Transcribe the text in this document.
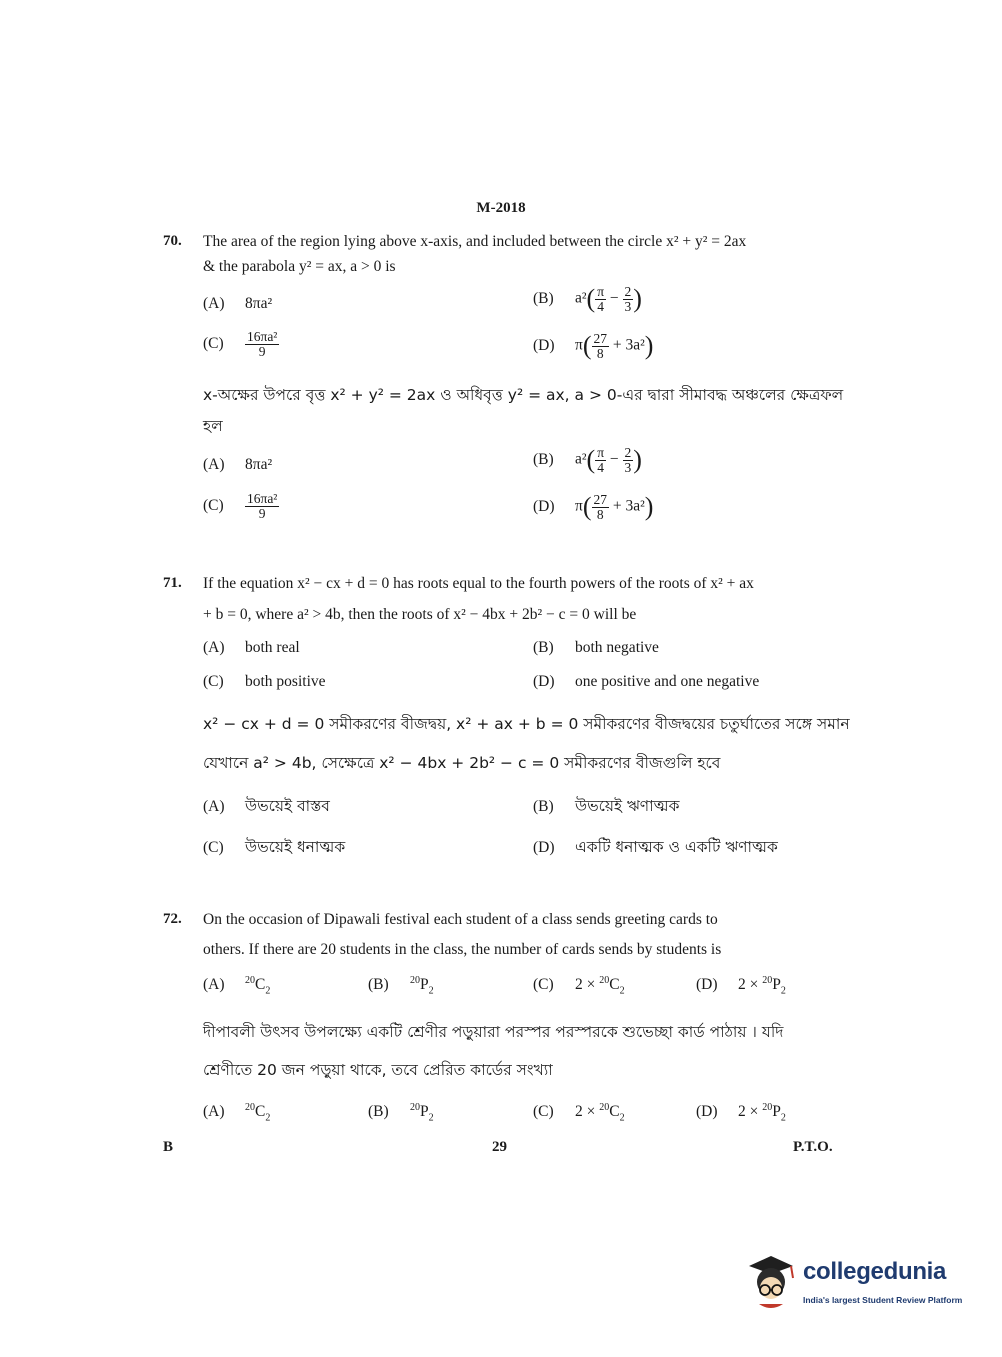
M-2018
70. The area of the region lying above x-axis, and included between the circle x² + y² = 2ax
& the parabola y² = ax, a > 0 is
(A) 8πa²	(B) $a^2( \frac{\pi}{4} - \frac{2}{3}$ )
$(C) \frac{\text{16πa²}}{9}$	(D) $\pi( \frac{27}{8} + 3a^2)$
x-অক্ষের উপরে বৃত্ত x² + y² = 2ax ও অধিবৃত্ত y² = ax, a > 0-এর দ্বারা সীমাবদ্ধ অঞ্চলের ক্ষেত্রফল
হল
(A) 8πa²	(B) $a^2( \frac{\pi}{4} - \frac{2}{3}$ )
$(C) \frac{\text{16πa²}}{9}$	(D) $\pi( \frac{27}{8} + 3a^2)$
71. If the equation x² − cx + d = 0 has roots equal to the fourth powers of the roots of x² + ax
+ b = 0, where a² > 4b, then the roots of x² − 4bx + 2b² − c = 0 will be
(A) both real	(B) both negative
(C) both positive	(D) one positive and one negative
x² − cx + d = 0 সমীকরণের বীজদ্বয়, x² + ax + b = 0 সমীকরণের বীজদ্বয়ের চতুর্ঘাতের সঙ্গে সমান
যেখানে a² > 4b, সেক্ষেত্রে x² − 4bx + 2b² − c = 0 সমীকরণের বীজগুলি হবে
(A) উভয়েই বাস্তব	(B) উভয়েই ঋণাত্মক
(C) উভয়েই ধনাত্মক	(D) একটি ধনাত্মক ও একটি ঋণাত্মক
72. On the occasion of Dipawali festival each student of a class sends greeting cards to
others. If there are 20 students in the class, the number of cards sends by students is
(A) $^{20}C_2$	(B) $^{20}P_2$	(C) $2 \times ^{20}C_2$	(D) $2 \times ^{20}P_2$
দীপাবলী উৎসব উপলক্ষ্যে একটি শ্রেণীর পড়ুয়ারা পরস্পর পরস্পরকে শুভেচ্ছা কার্ড পাঠায় । যদি
শ্রেণীতে 20 জন পড়ুয়া থাকে, তবে প্রেরিত কার্ডের সংখ্যা
(A) $^{20}C_2$	(B) $^{20}P_2$	(C) $2 \times ^{20}C_2$	(D) $2 \times ^{20}P_2$
B	29	P.T.O.
collegedunia
India's largest Student Review Platform
